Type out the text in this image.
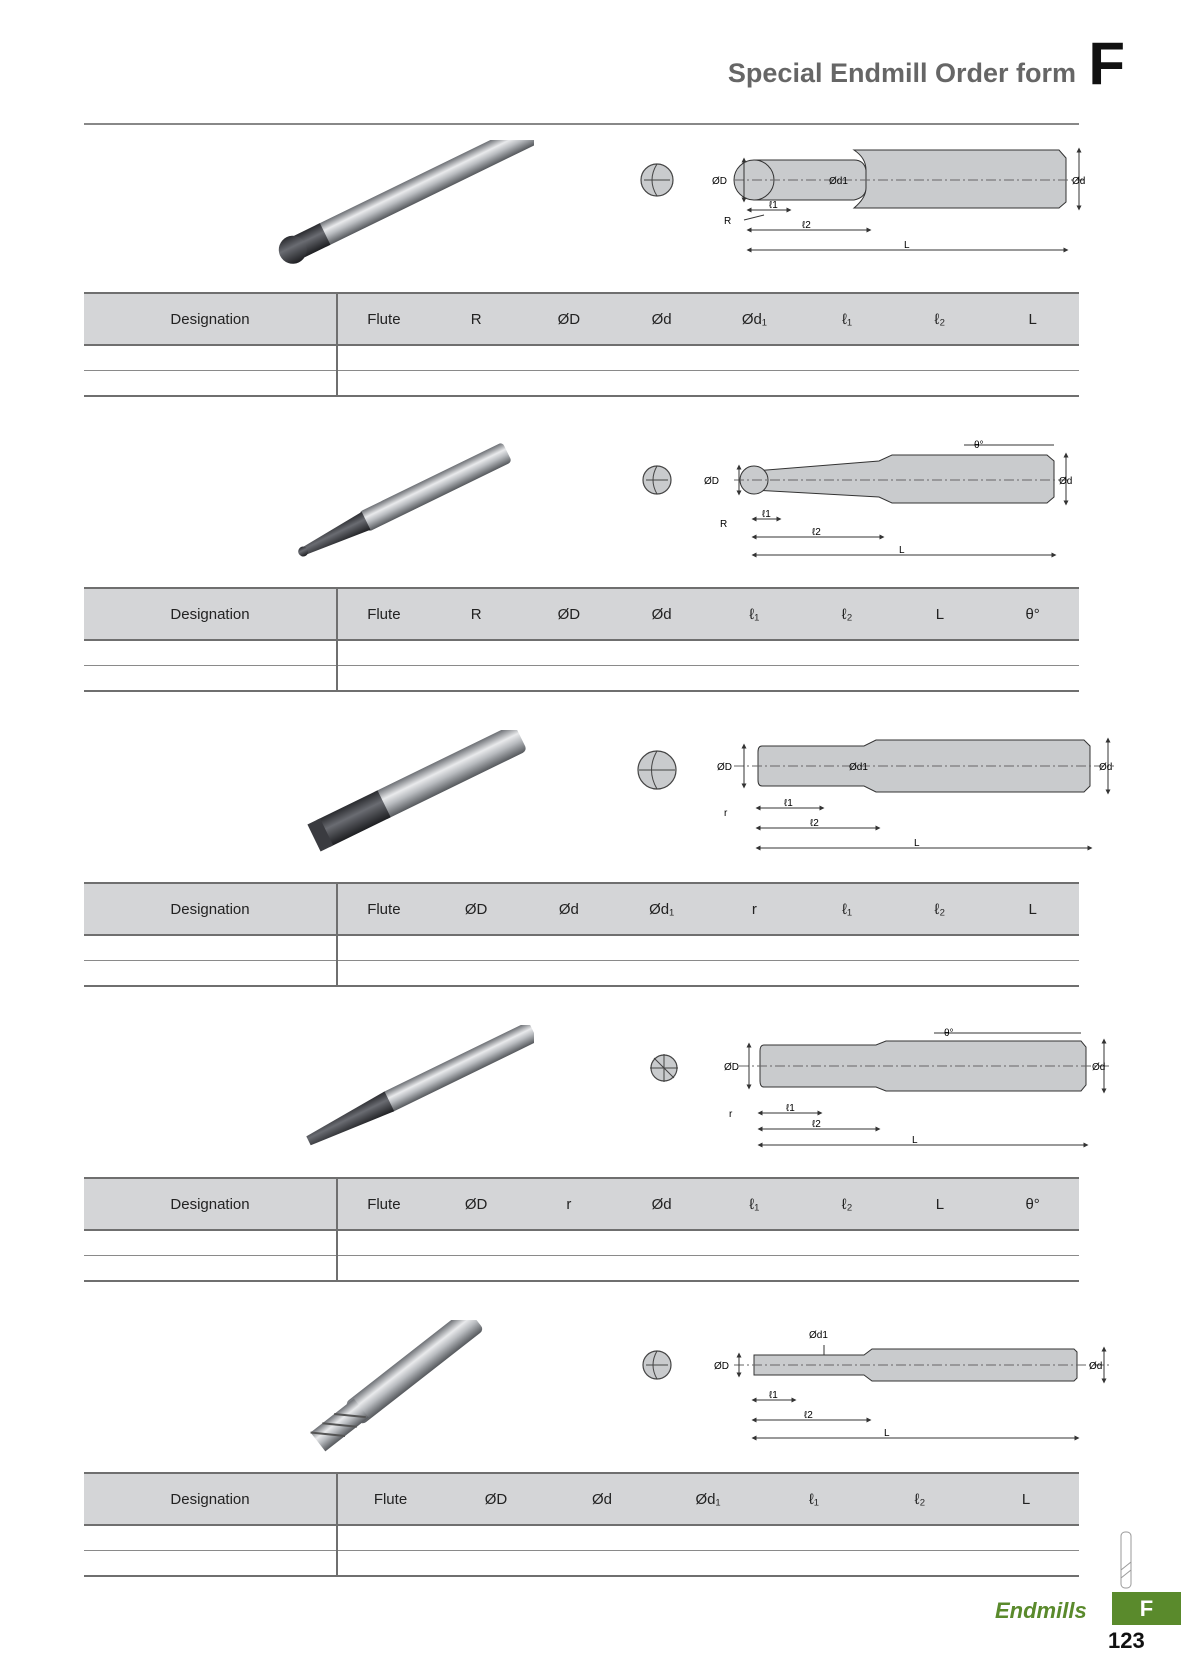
Special Endmill Order form F
ØD	Ød1	Ød
ℓ1
R	ℓ2
L
Designation	Flute	R	ØD	Ød	Ød₁	ℓ₁	ℓ₂	L

θ°
ØD	Ød
ℓ1
R
ℓ2
L
Designation	Flute	R	ØD	Ød	ℓ₁	ℓ₂	L	θ°

ØD	Ød1	Ød
ℓ1
r
ℓ2
L
Designation	Flute	ØD	Ød	Ød₁	r	ℓ₁	ℓ₂	L

θ°
ØD	Ød
ℓ1
r
ℓ2
L
Designation	Flute	ØD	r	Ød	ℓ₁	ℓ₂	L	θ°

Ød1
ØD	Ød
ℓ1
ℓ2
L
Designation	Flute	ØD	Ød	Ød₁	ℓ₁	ℓ₂	L

Endmills	F
123
